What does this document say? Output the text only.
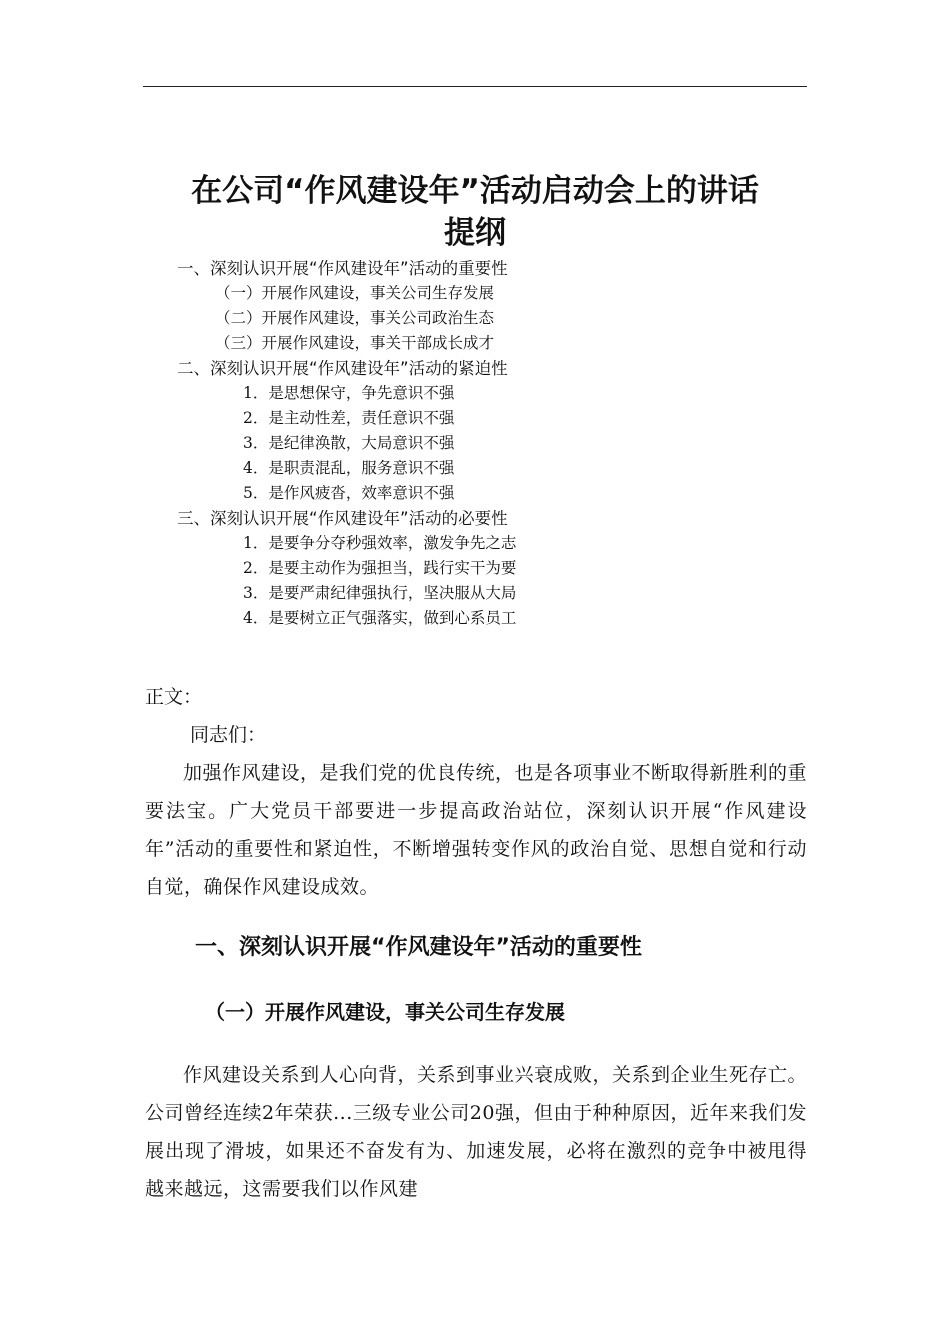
在公司“作风建设年”活动启动会上的讲话
提纲
一、深刻认识开展“作风建设年”活动的重要性
（一）开展作风建设，事关公司生存发展
（二）开展作风建设，事关公司政治生态
（三）开展作风建设，事关干部成长成才
二、深刻认识开展“作风建设年”活动的紧迫性
1．是思想保守，争先意识不强
2．是主动性差，责任意识不强
3．是纪律涣散，大局意识不强
4．是职责混乱，服务意识不强
5．是作风疲沓，效率意识不强
三、深刻认识开展“作风建设年”活动的必要性
1．是要争分夺秒强效率，激发争先之志
2．是要主动作为强担当，践行实干为要
3．是要严肃纪律强执行，坚决服从大局
4．是要树立正气强落实，做到心系员工
正文：
同志们：

加强作风建设，是我们党的优良传统，也是各项事业不断取得新胜利的重要法宝。广大党员干部要进一步提高政治站位，深刻认识开展“作风建设年”活动的重要性和紧迫性，不断增强转变作风的政治自觉、思想自觉和行动自觉，确保作风建设成效。

一、深刻认识开展“作风建设年”活动的重要性
（一）开展作风建设，事关公司生存发展

作风建设关系到人心向背，关系到事业兴衰成败，关系到企业生死存亡。公司曾经连续2年荣获...三级专业公司20强，但由于种种原因，近年来我们发展出现了滑坡，如果还不奋发有为、加速发展，必将在激烈的竞争中被甩得越来越远，这需要我们以作风建
